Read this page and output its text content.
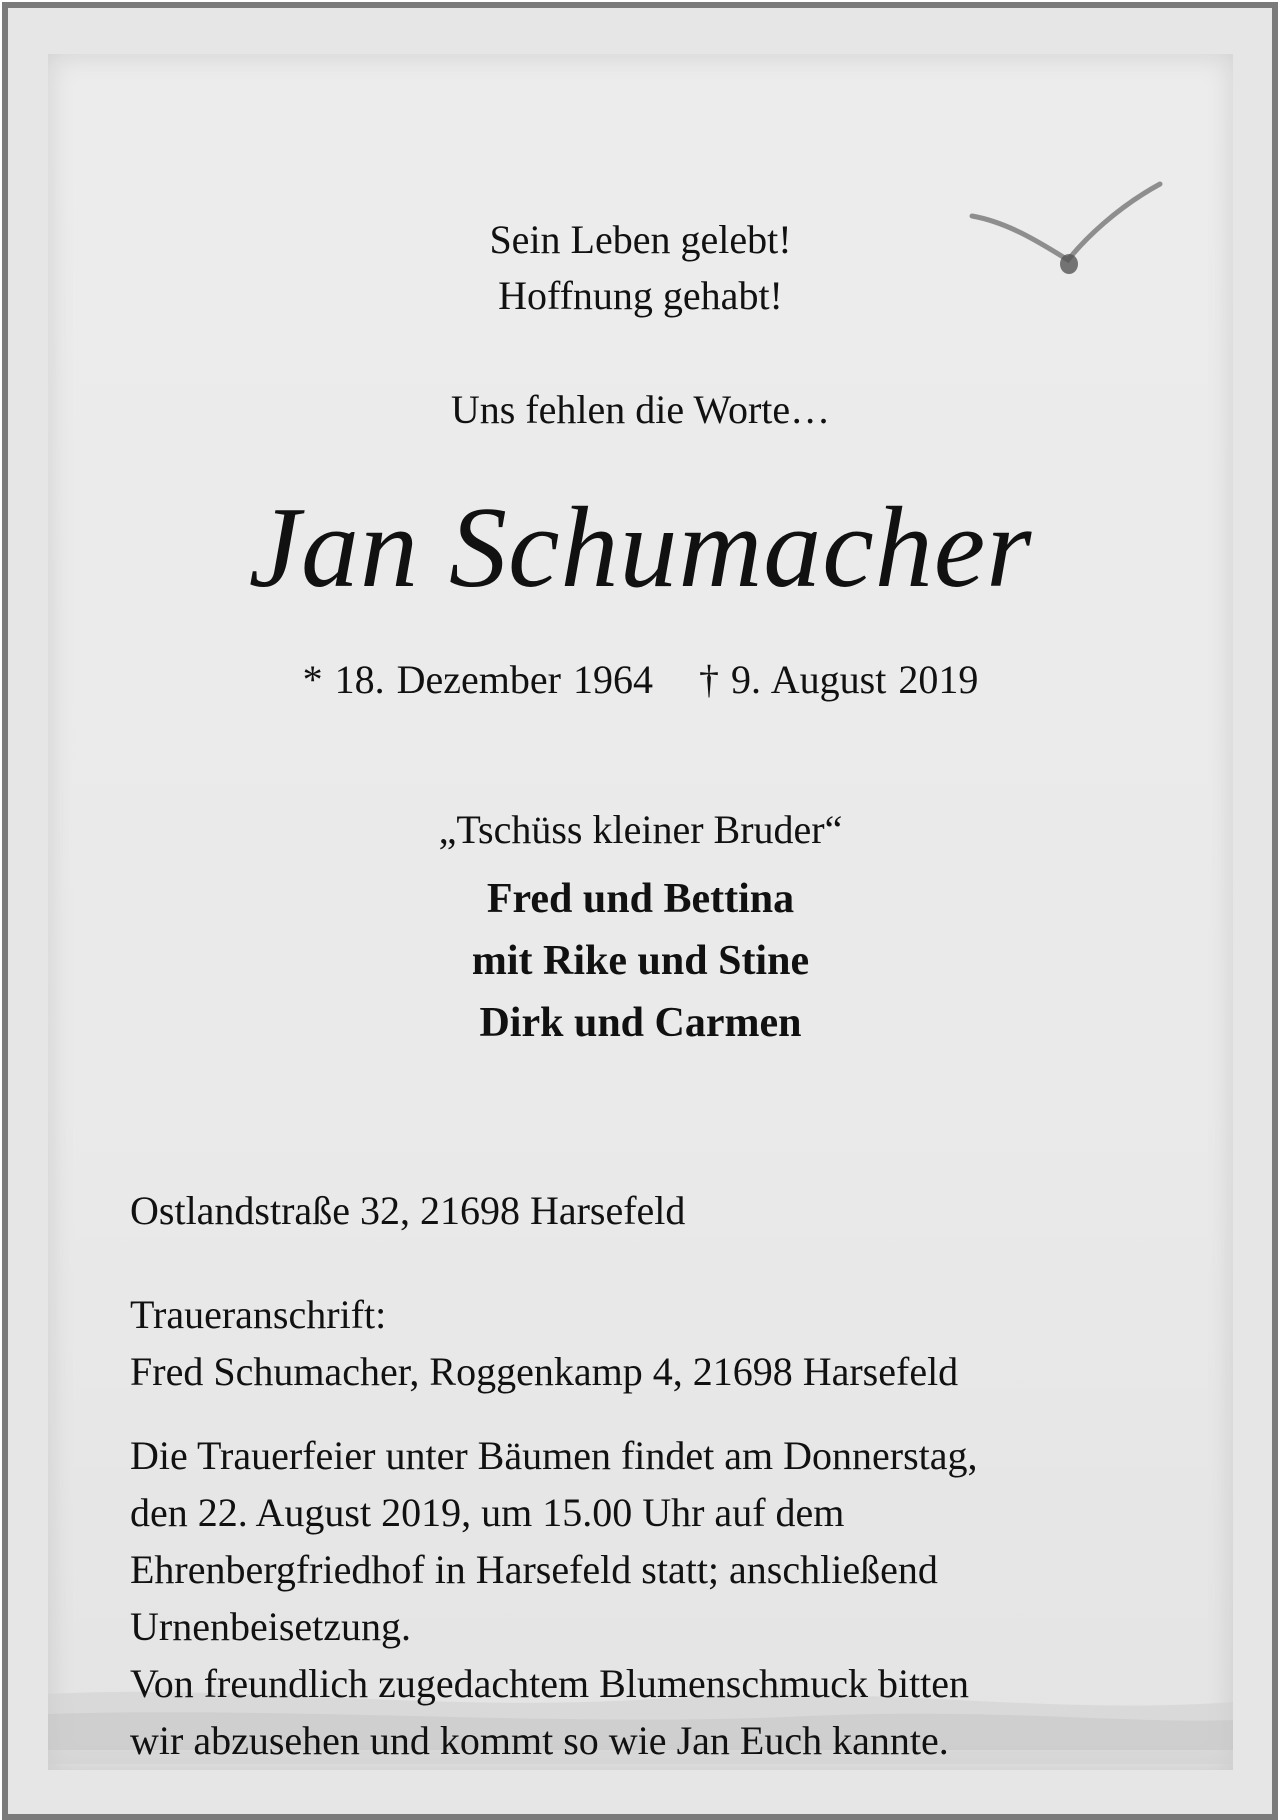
Sein Leben gelebt!
Hoffnung gehabt!
Uns fehlen die Worte…
Jan Schumacher
* 18. Dezember 1964 † 9. August 2019
„Tschüss kleiner Bruder“
Fred und Bettina
mit Rike und Stine
Dirk und Carmen
Ostlandstraße 32, 21698 Harsefeld
Traueranschrift:
Fred Schumacher, Roggenkamp 4, 21698 Harsefeld
Die Trauerfeier unter Bäumen findet am Donnerstag,
den 22. August 2019, um 15.00 Uhr auf dem
Ehrenbergfriedhof in Harsefeld statt; anschließend
Urnenbeisetzung.
Von freundlich zugedachtem Blumenschmuck bitten
wir abzusehen und kommt so wie Jan Euch kannte.
